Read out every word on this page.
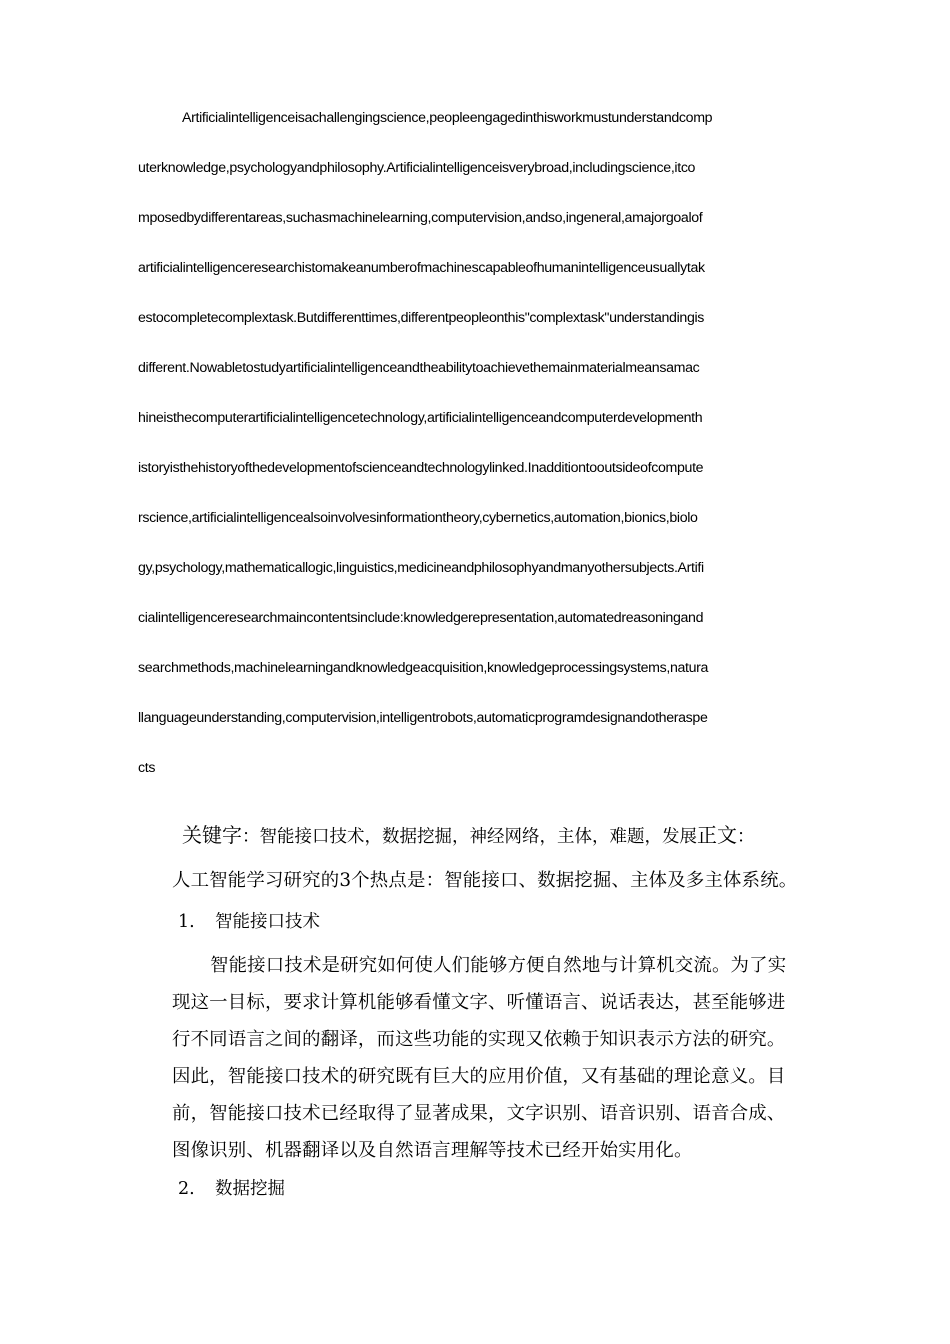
Artificialintelligenceisachallengingscience,peopleengagedinthisworkmustunderstandcomp
uterknowledge,psychologyandphilosophy.Artificialintelligenceisverybroad,includingscience,itco
mposedbydifferentareas,suchasmachinelearning,computervision,andso,ingeneral,amajorgoalof
artificialintelligenceresearchistomakeanumberofmachinescapableofhumanintelligenceusuallytak
estocompletecomplextask.Butdifferenttimes,differentpeopleonthis"complextask"understandingis
different.Nowabletostudyartificialintelligenceandtheabilitytoachievethemainmaterialmeansamac
hineisthecomputerartificialintelligencetechnology,artificialintelligenceandcomputerdevelopmenth
istoryisthehistoryofthedevelopmentofscienceandtechnologylinked.Inadditiontooutsideofcompute
rscience,artificialintelligencealsoinvolvesinformationtheory,cybernetics,automation,bionics,biolo
gy,psychology,mathematicallogic,linguistics,medicineandphilosophyandmanyothersubjects.Artifi
cialintelligenceresearchmaincontentsinclude:knowledgerepresentation,automatedreasoningand
searchmethods,machinelearningandknowledgeacquisition,knowledgeprocessingsystems,natura
llanguageunderstanding,computervision,intelligentrobots,automaticprogramdesignandotheraspe
cts
关键字：智能接口技术，数据挖掘，神经网络，主体，难题，发展正文：
人工智能学习研究的3个热点是：智能接口、数据挖掘、主体及多主体系统。
1. 智能接口技术
智能接口技术是研究如何使人们能够方便自然地与计算机交流。为了实
现这一目标，要求计算机能够看懂文字、听懂语言、说话表达，甚至能够进
行不同语言之间的翻译，而这些功能的实现又依赖于知识表示方法的研究。
因此，智能接口技术的研究既有巨大的应用价值，又有基础的理论意义。目
前，智能接口技术已经取得了显著成果，文字识别、语音识别、语音合成、
图像识别、机器翻译以及自然语言理解等技术已经开始实用化。
2. 数据挖掘
